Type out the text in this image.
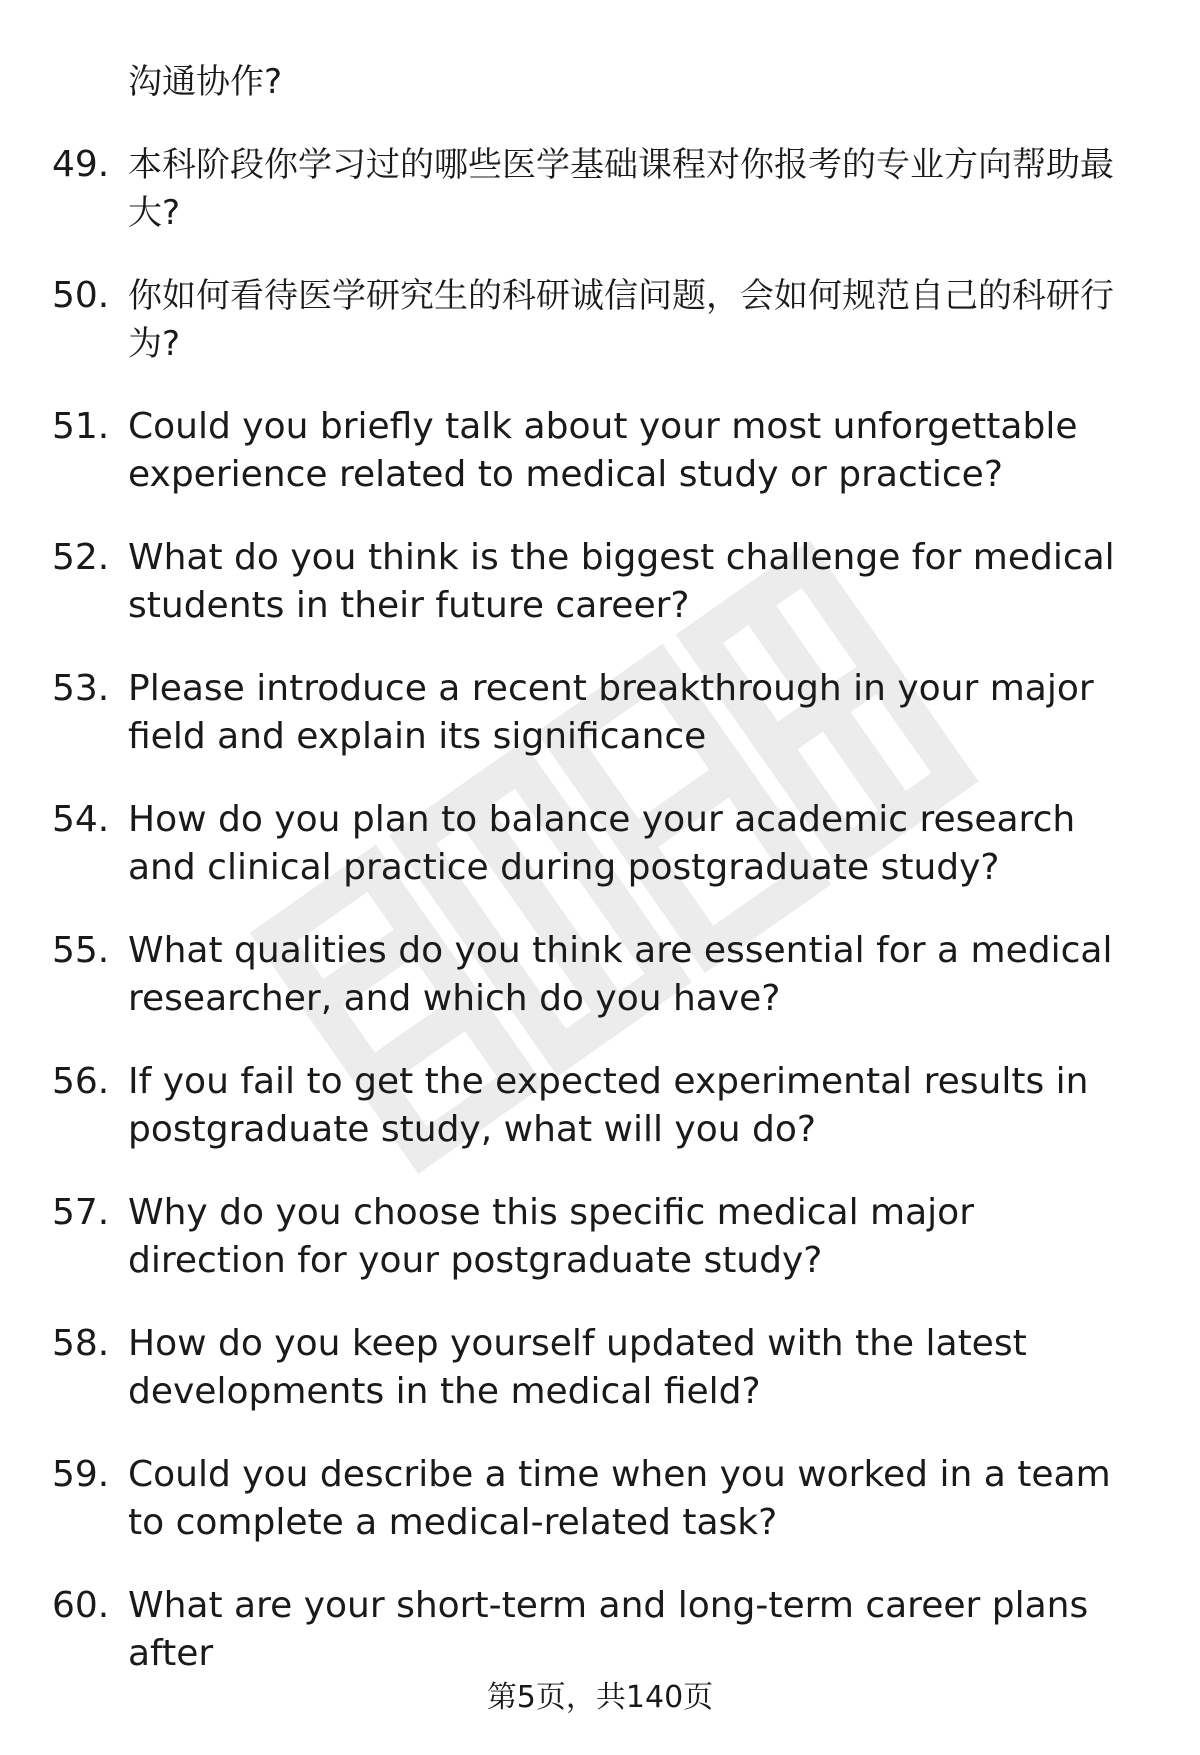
沟通协作?
49. 本科阶段你学习过的哪些医学基础课程对你报考的专业方向帮助最大?
50. 你如何看待医学研究生的科研诚信问题，会如何规范自己的科研行为?
51. Could you briefly talk about your most unforgettable experience related to medical study or practice?
52. What do you think is the biggest challenge for medical students in their future career?
53. Please introduce a recent breakthrough in your major field and explain its significance
54. How do you plan to balance your academic research and clinical practice during postgraduate study?
55. What qualities do you think are essential for a medical researcher, and which do you have?
56. If you fail to get the expected experimental results in postgraduate study, what will you do?
57. Why do you choose this specific medical major direction for your postgraduate study?
58. How do you keep yourself updated with the latest developments in the medical field?
59. Could you describe a time when you worked in a team to complete a medical-related task?
60. What are your short-term and long-term career plans after
第5页，共140页
